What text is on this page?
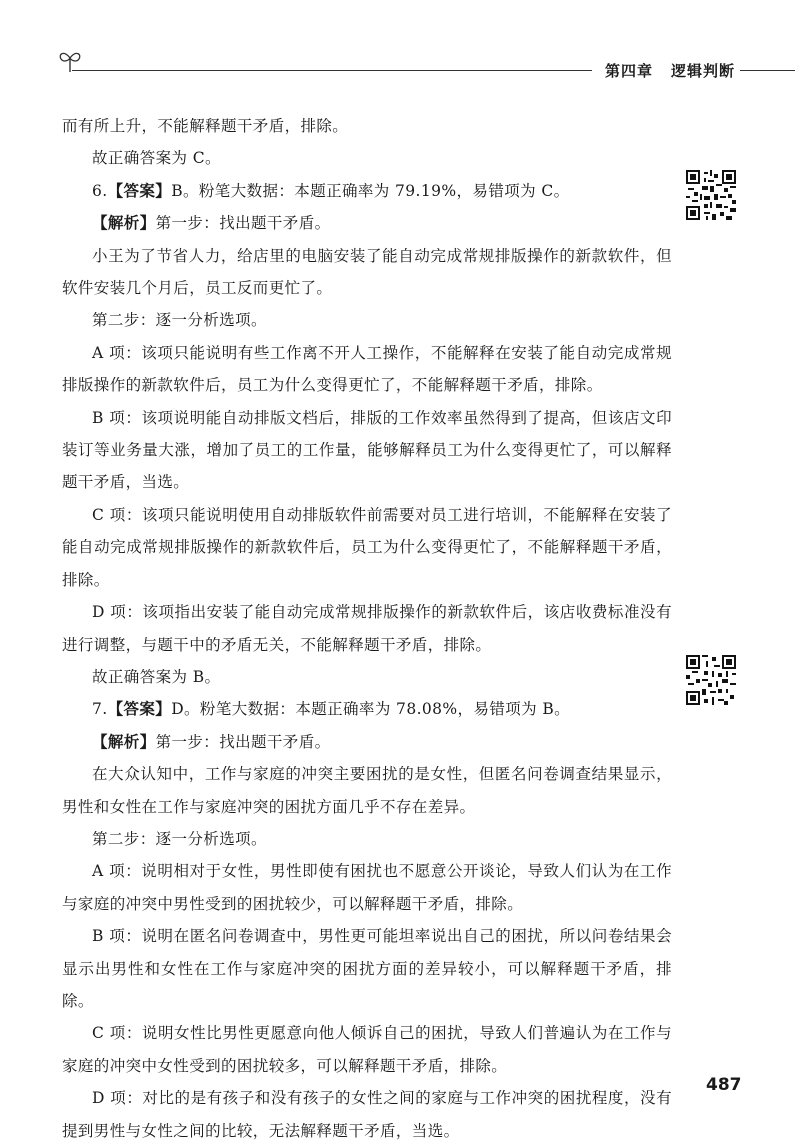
第四章 逻辑判断

而有所上升，不能解释题干矛盾，排除。

故正确答案为 C。

6.【答案】B。粉笔大数据：本题正确率为 79.19%，易错项为 C。

【解析】第一步：找出题干矛盾。

小王为了节省人力，给店里的电脑安装了能自动完成常规排版操作的新款软件，但软件安装几个月后，员工反而更忙了。

第二步：逐一分析选项。

A 项：该项只能说明有些工作离不开人工操作，不能解释在安装了能自动完成常规排版操作的新款软件后，员工为什么变得更忙了，不能解释题干矛盾，排除。

B 项：该项说明能自动排版文档后，排版的工作效率虽然得到了提高，但该店文印装订等业务量大涨，增加了员工的工作量，能够解释员工为什么变得更忙了，可以解释题干矛盾，当选。

C 项：该项只能说明使用自动排版软件前需要对员工进行培训，不能解释在安装了能自动完成常规排版操作的新款软件后，员工为什么变得更忙了，不能解释题干矛盾，排除。

D 项：该项指出安装了能自动完成常规排版操作的新款软件后，该店收费标准没有进行调整，与题干中的矛盾无关，不能解释题干矛盾，排除。

故正确答案为 B。

7.【答案】D。粉笔大数据：本题正确率为 78.08%，易错项为 B。

【解析】第一步：找出题干矛盾。

在大众认知中，工作与家庭的冲突主要困扰的是女性，但匿名问卷调查结果显示，男性和女性在工作与家庭冲突的困扰方面几乎不存在差异。

第二步：逐一分析选项。

A 项：说明相对于女性，男性即使有困扰也不愿意公开谈论，导致人们认为在工作与家庭的冲突中男性受到的困扰较少，可以解释题干矛盾，排除。

B 项：说明在匿名问卷调查中，男性更可能坦率说出自己的困扰，所以问卷结果会显示出男性和女性在工作与家庭冲突的困扰方面的差异较小，可以解释题干矛盾，排除。

C 项：说明女性比男性更愿意向他人倾诉自己的困扰，导致人们普遍认为在工作与家庭的冲突中女性受到的困扰较多，可以解释题干矛盾，排除。

D 项：对比的是有孩子和没有孩子的女性之间的家庭与工作冲突的困扰程度，没有提到男性与女性之间的比较，无法解释题干矛盾，当选。

487
